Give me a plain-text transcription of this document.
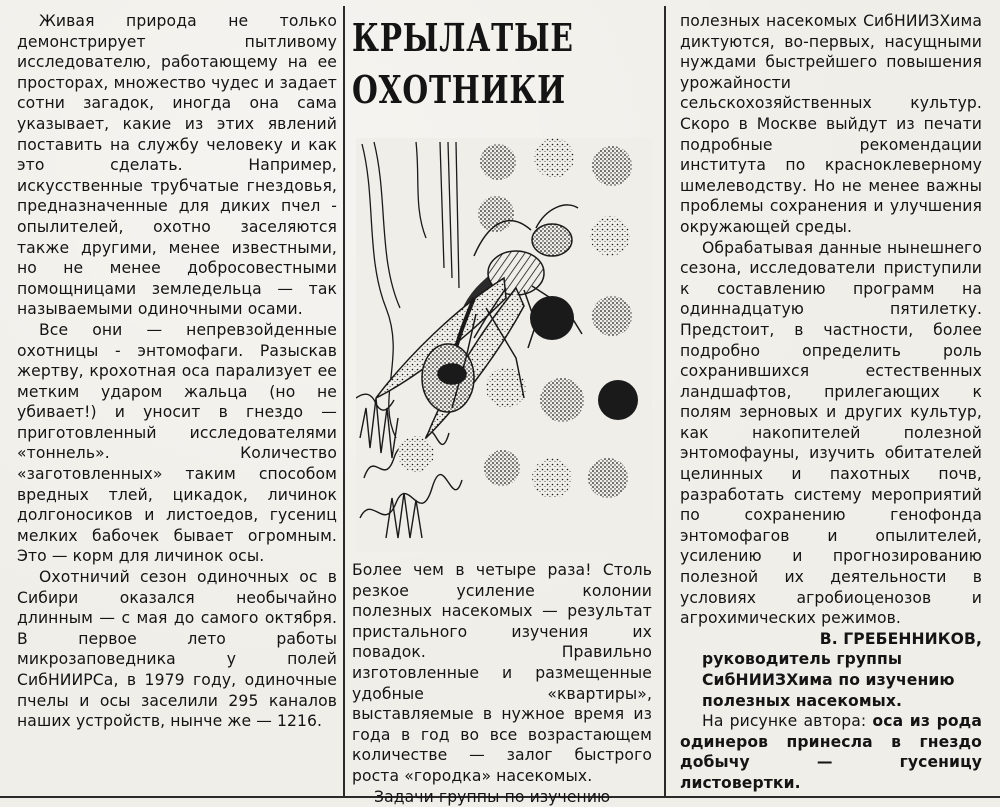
Живая природа не только демонстрирует пытливому исследователю, работающему на ее просторах, множество чудес и задает сотни загадок, иногда она сама указывает, какие из этих явлений поставить на службу человеку и как это сделать. Например, искусственные трубчатые гнездовья, предназначенные для диких пчел - опылителей, охотно заселяются также другими, менее известными, но не менее добросовестными помощницами земледельца — так называемыми одиночными осами.

Все они — непревзойденные охотницы - энтомофаги. Разыскав жертву, крохотная оса парализует ее метким ударом жальца (но не убивает!) и уносит в гнездо — приготовленный исследователями «тоннель». Количество «заготовленных» таким способом вредных тлей, цикадок, личинок долгоносиков и листоедов, гусениц мелких бабочек бывает огромным. Это — корм для личинок осы.

Охотничий сезон одиночных ос в Сибири оказался необычайно длинным — с мая до самого октября. В первое лето работы микрозаповедника у полей СибНИИРСа, в 1979 году, одиночные пчелы и осы заселили 295 каналов наших устройств, нынче же — 1216.

КРЫЛАТЫЕ
ОХОТНИКИ

Более чем в четыре раза! Столь резкое усиление колонии полезных насекомых — результат пристального изучения их повадок. Правильно изготовленные и размещенные удобные «квартиры», выставляемые в нужное время из года в год во все возрастающем количестве — залог быстрого роста «городка» насекомых.

Задачи группы по изучению

полезных насекомых СибНИИЗХима диктуются, во-первых, насущными нуждами быстрейшего повышения урожайности сельскохозяйственных культур. Скоро в Москве выйдут из печати подробные рекомендации института по красноклеверному шмелеводству. Но не менее важны проблемы сохранения и улучшения окружающей среды.

Обрабатывая данные нынешнего сезона, исследователи приступили к составлению программ на одиннадцатую пятилетку. Предстоит, в частности, более подробно определить роль сохранившихся естественных ландшафтов, прилегающих к полям зерновых и других культур, как накопителей полезной энтомофауны, изучить обитателей целинных и пахотных почв, разработать систему мероприятий по сохранению генофонда энтомофагов и опылителей, усилению и прогнозированию полезной их деятельности в условиях агробиоценозов и агрохимических режимов.

В. ГРЕБЕННИКОВ,
руководитель группы СибНИИЗХима по изучению полезных насекомых.

На рисунке автора: оса из рода одинеров принесла в гнездо добычу — гусеницу листовертки.
